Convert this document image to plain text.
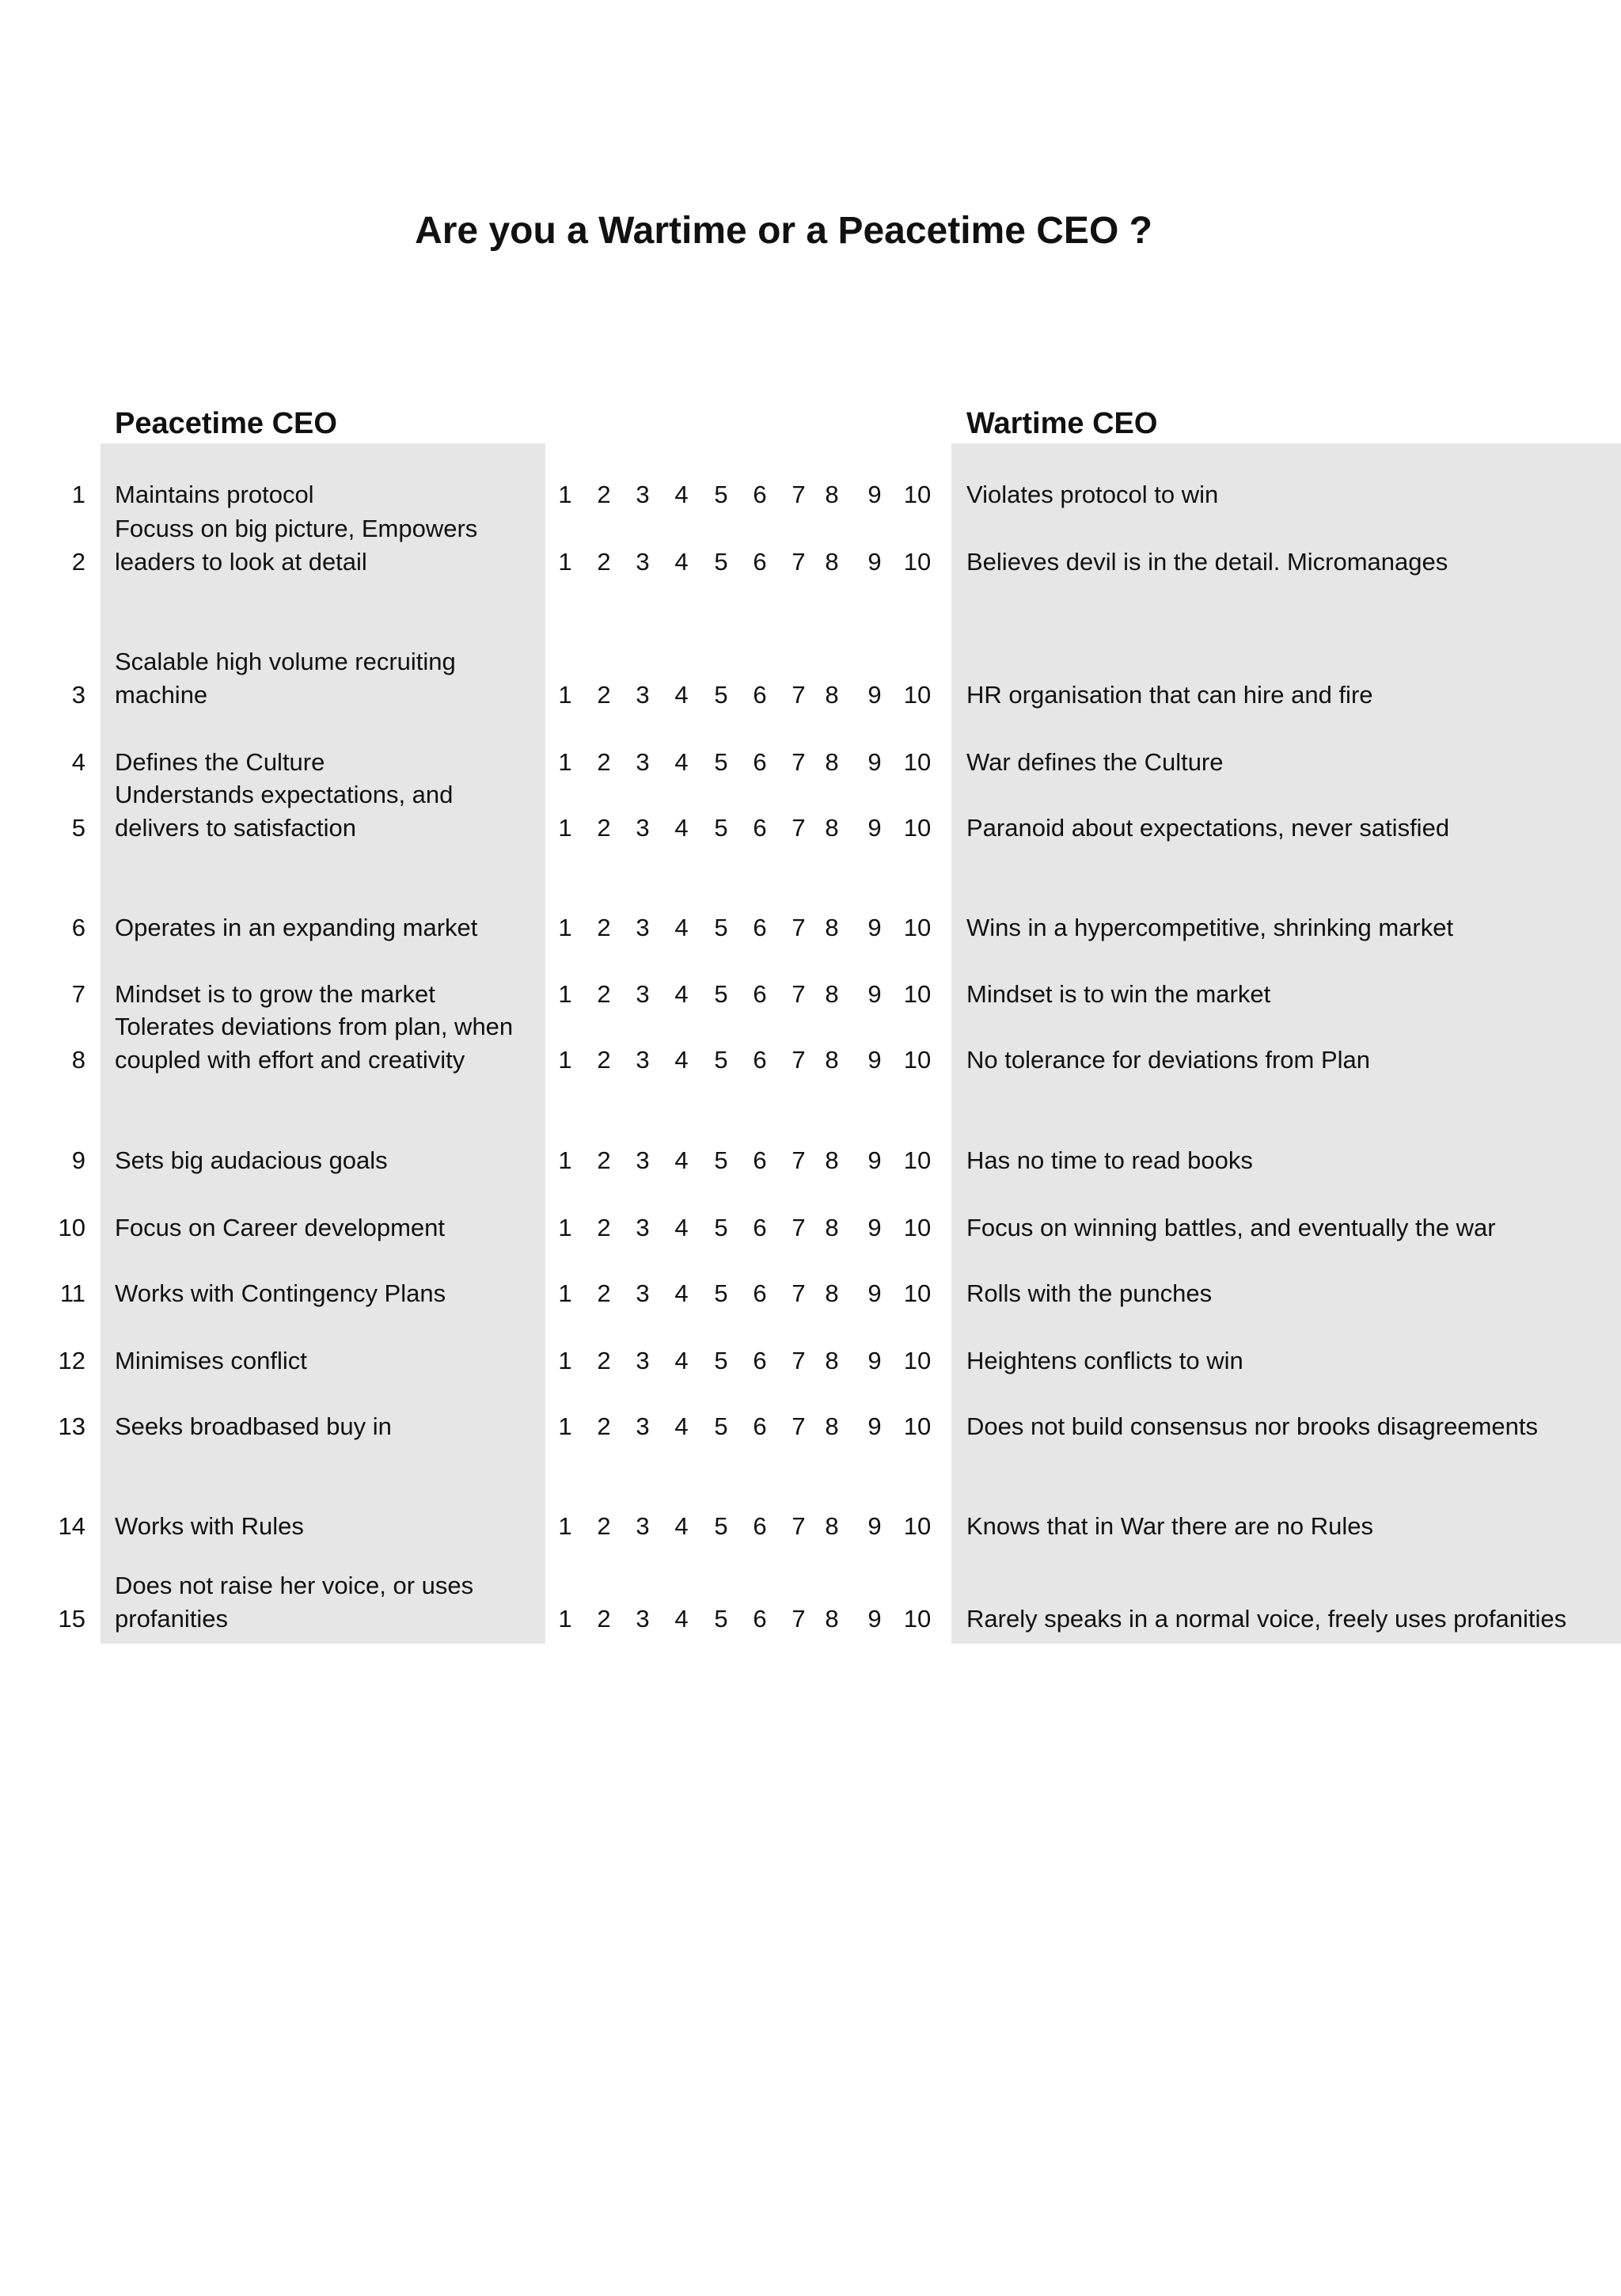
Are you a Wartime or a Peacetime CEO ?
Peacetime CEO	Wartime CEO
1 Maintains protocol	1	2	3	4	5	6	7 8	9 10 Violates protocol to win
2
Focuss on big picture, Empowers leaders to look at detail	1	2	3	4	5	6	7 8	9 10 Believes devil is in the detail. Micromanages
3
Scalable high volume recruiting machine	1	2	3	4	5	6	7 8	9 10 HR organisation that can hire and fire
4 Defines the Culture	1	2	3	4	5	6	7 8	9 10 War defines the Culture
5
Understands expectations, and delivers to satisfaction	1	2	3	4	5	6	7 8	9 10 Paranoid about expectations, never satisfied
6 Operates in an expanding market	1	2	3	4	5	6	7 8	9 10 Wins in a hypercompetitive, shrinking market
7 Mindset is to grow the market	1	2	3	4	5	6	7 8	9 10 Mindset is to win the market
8
Tolerates deviations from plan, when coupled with effort and creativity	1	2	3	4	5	6	7 8	9 10 No tolerance for deviations from Plan
9 Sets big audacious goals	1	2	3	4	5	6	7 8	9 10 Has no time to read books
10 Focus on Career development	1	2	3	4	5	6	7 8	9 10 Focus on winning battles, and eventually the war
11 Works with Contingency Plans	1	2	3	4	5	6	7 8	9 10 Rolls with the punches
12 Minimises conflict	1	2	3	4	5	6	7 8	9 10 Heightens conflicts to win
13 Seeks broadbased buy in	1	2	3	4	5	6	7 8	9 10 Does not build consensus nor brooks disagreements
14 Works with Rules	1	2	3	4	5	6	7 8	9 10 Knows that in War there are no Rules
15
Does not raise her voice, or uses profanities	1	2	3	4	5	6	7 8	9 10 Rarely speaks in a normal voice, freely uses profanities
